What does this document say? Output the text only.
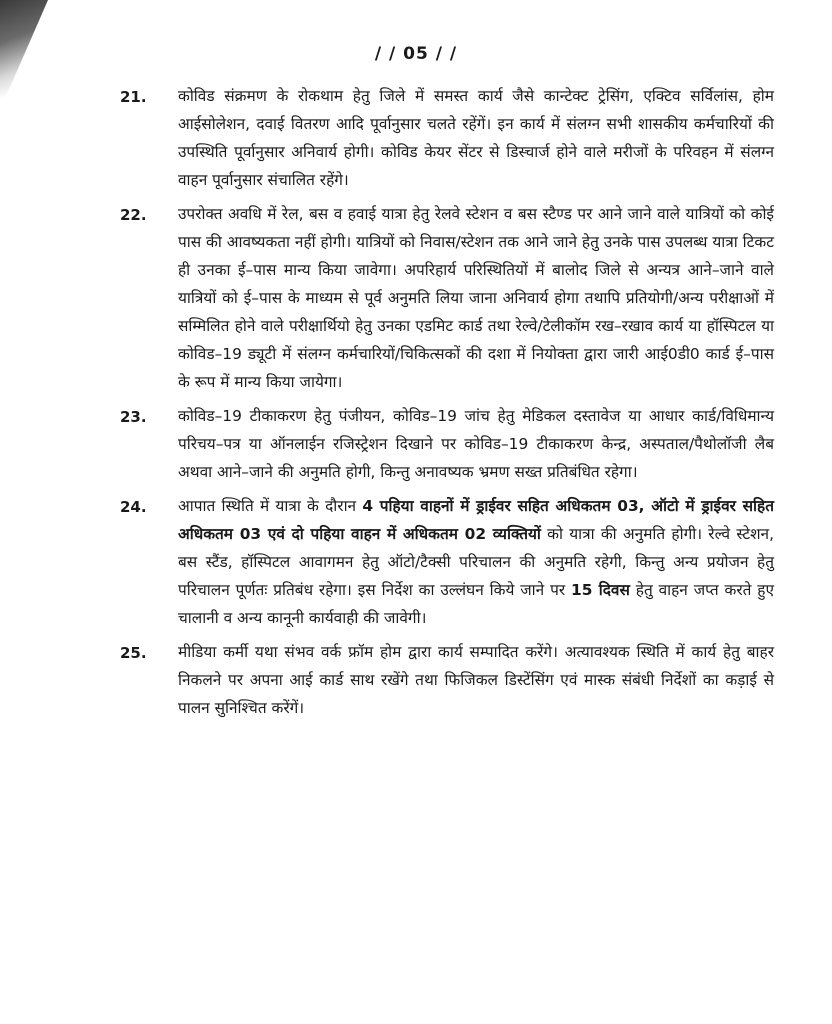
/ / 05 / /
21. कोविड संक्रमण के रोकथाम हेतु जिले में समस्त कार्य जैसे कान्टेक्ट ट्रेसिंग, एक्टिव सर्विलांस, होम आईसोलेशन, दवाई वितरण आदि पूर्वानुसार चलते रहेंगें। इन कार्य में संलग्न सभी शासकीय कर्मचारियों की उपस्थिति पूर्वानुसार अनिवार्य होगी। कोविड केयर सेंटर से डिस्चार्ज होने वाले मरीजों के परिवहन में संलग्न वाहन पूर्वानुसार संचालित रहेंगे।
22. उपरोक्त अवधि में रेल, बस व हवाई यात्रा हेतु रेलवे स्टेशन व बस स्टैण्ड पर आने जाने वाले यात्रियों को कोई पास की आवष्यकता नहीं होगी। यात्रियों को निवास/स्टेशन तक आने जाने हेतु उनके पास उपलब्ध यात्रा टिकट ही उनका ई–पास मान्य किया जावेगा। अपरिहार्य परिस्थितियों में बालोद जिले से अन्यत्र आने–जाने वाले यात्रियों को ई–पास के माध्यम से पूर्व अनुमति लिया जाना अनिवार्य होगा तथापि प्रतियोगी/अन्य परीक्षाओं में सम्मिलित होने वाले परीक्षार्थियो हेतु उनका एडमिट कार्ड तथा रेल्वे/टेलीकॉम रख–रखाव कार्य या हॉस्पिटल या कोविड–19 ड्यूटी में संलग्न कर्मचारियों/चिकित्सकों की दशा में नियोक्ता द्वारा जारी आई0डी0 कार्ड ई–पास के रूप में मान्य किया जायेगा।
23. कोविड–19 टीकाकरण हेतु पंजीयन, कोविड–19 जांच हेतु मेडिकल दस्तावेज या आधार कार्ड/विधिमान्य परिचय–पत्र या ऑनलाईन रजिस्ट्रेशन दिखाने पर कोविड–19 टीकाकरण केन्द्र, अस्पताल/पैथोलॉजी लैब अथवा आने–जाने की अनुमति होगी, किन्तु अनावष्यक भ्रमण सख्त प्रतिबंधित रहेगा।
24. आपात स्थिति में यात्रा के दौरान 4 पहिया वाहनों में ड्राईवर सहित अधिकतम 03, ऑटो में ड्राईवर सहित अधिकतम 03 एवं दो पहिया वाहन में अधिकतम 02 व्यक्तियों को यात्रा की अनुमति होगी। रेल्वे स्टेशन, बस स्टैंड, हॉस्पिटल आवागमन हेतु ऑटो/टैक्सी परिचालन की अनुमति रहेगी, किन्तु अन्य प्रयोजन हेतु परिचालन पूर्णतः प्रतिबंध रहेगा। इस निर्देश का उल्लंघन किये जाने पर 15 दिवस हेतु वाहन जप्त करते हुए चालानी व अन्य कानूनी कार्यवाही की जावेगी।
25. मीडिया कर्मी यथा संभव वर्क फ्रॉम होम द्वारा कार्य सम्पादित करेंगे। अत्यावश्यक स्थिति में कार्य हेतु बाहर निकलने पर अपना आई कार्ड साथ रखेंगे तथा फिजिकल डिस्टेंसिंग एवं मास्क संबंधी निर्देशों का कड़ाई से पालन सुनिश्चित करेंगें।
